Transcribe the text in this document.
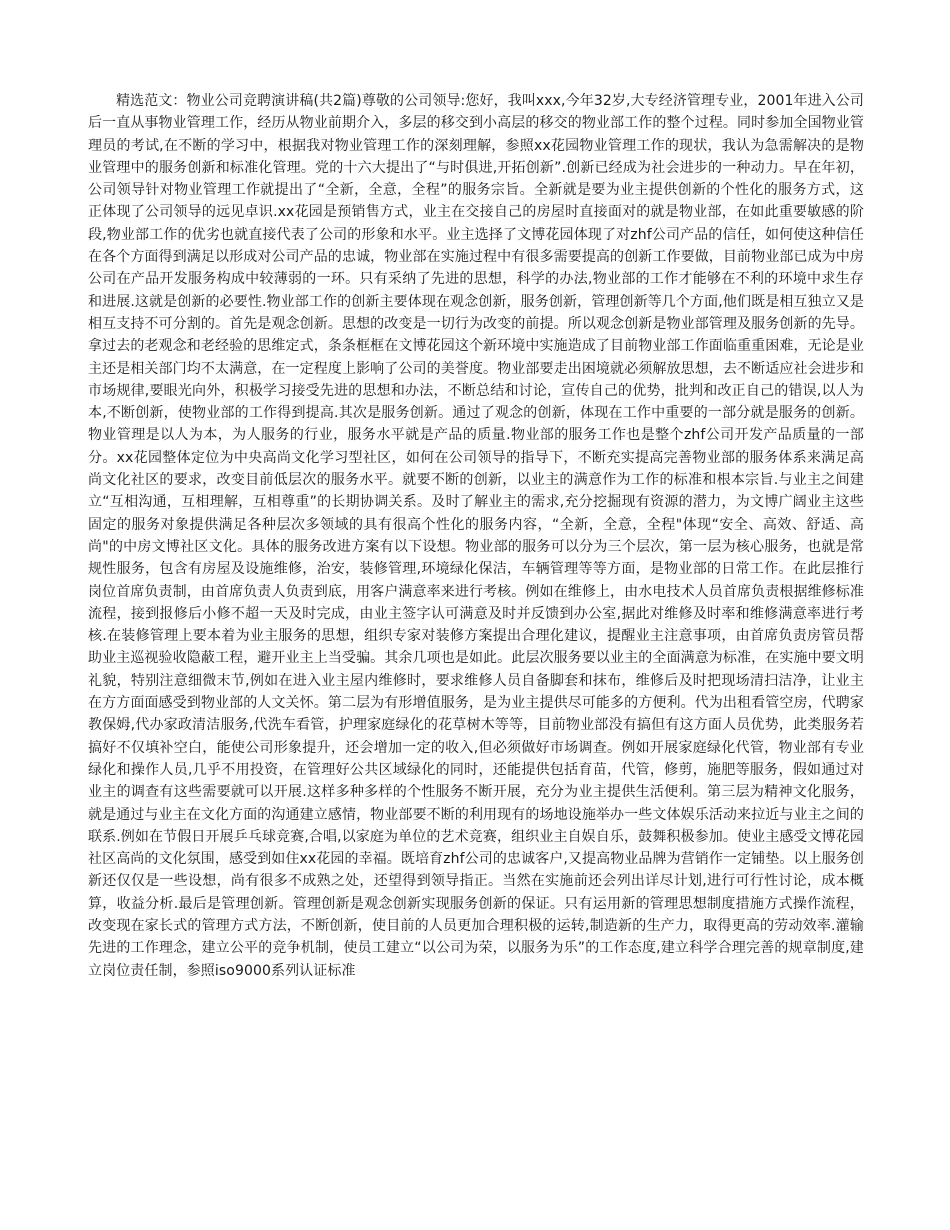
精选范文：物业公司竞聘演讲稿(共2篇)尊敬的公司领导:您好，我叫xxx,今年32岁,大专经济管理专业，2001年进入公司后一直从事物业管理工作，经历从物业前期介入，多层的移交到小高层的移交的物业部工作的整个过程。同时参加全国物业管理员的考试,在不断的学习中，根据我对物业管理工作的深刻理解，参照xx花园物业管理工作的现状，我认为急需解决的是物业管理中的服务创新和标准化管理。党的十六大提出了“与时俱进,开拓创新”.创新已经成为社会进步的一种动力。早在年初，公司领导针对物业管理工作就提出了“全新，全意，全程”的服务宗旨。全新就是要为业主提供创新的个性化的服务方式，这正体现了公司领导的远见卓识.xx花园是预销售方式，业主在交接自己的房屋时直接面对的就是物业部，在如此重要敏感的阶段,物业部工作的优劣也就直接代表了公司的形象和水平。业主选择了文博花园体现了对zhf公司产品的信任，如何使这种信任在各个方面得到满足以形成对公司产品的忠诚，物业部在实施过程中有很多需要提高的创新工作要做，目前物业部已成为中房公司在产品开发服务构成中较薄弱的一环。只有采纳了先进的思想，科学的办法,物业部的工作才能够在不利的环境中求生存和进展.这就是创新的必要性.物业部工作的创新主要体现在观念创新，服务创新，管理创新等几个方面,他们既是相互独立又是相互支持不可分割的。首先是观念创新。思想的改变是一切行为改变的前提。所以观念创新是物业部管理及服务创新的先导。拿过去的老观念和老经验的思维定式，条条框框在文博花园这个新环境中实施造成了目前物业部工作面临重重困难，无论是业主还是相关部门均不太满意，在一定程度上影响了公司的美誉度。物业部要走出困境就必须解放思想，去不断适应社会进步和市场规律,要眼光向外，积极学习接受先进的思想和办法，不断总结和讨论，宣传自己的优势，批判和改正自己的错误,以人为本,不断创新，使物业部的工作得到提高.其次是服务创新。通过了观念的创新，体现在工作中重要的一部分就是服务的创新。物业管理是以人为本，为人服务的行业，服务水平就是产品的质量.物业部的服务工作也是整个zhf公司开发产品质量的一部分。xx花园整体定位为中央高尚文化学习型社区，如何在公司领导的指导下，不断充实提高完善物业部的服务体系来满足高尚文化社区的要求，改变目前低层次的服务水平。就要不断的创新，以业主的满意作为工作的标准和根本宗旨.与业主之间建立“互相沟通，互相理解，互相尊重”的长期协调关系。及时了解业主的需求,充分挖掘现有资源的潜力，为文博广阔业主这些固定的服务对象提供满足各种层次多领域的具有很高个性化的服务内容，“全新，全意，全程"体现“安全、高效、舒适、高尚"的中房文博社区文化。具体的服务改进方案有以下设想。物业部的服务可以分为三个层次，第一层为核心服务，也就是常规性服务，包含有房屋及设施维修，治安，装修管理,环境绿化保洁，车辆管理等等方面，是物业部的日常工作。在此层推行岗位首席负责制，由首席负责人负责到底，用客户满意率来进行考核。例如在维修上，由水电技术人员首席负责根据维修标准流程，接到报修后小修不超一天及时完成，由业主签字认可满意及时并反馈到办公室,据此对维修及时率和维修满意率进行考核.在装修管理上要本着为业主服务的思想，组织专家对装修方案提出合理化建议，提醒业主注意事项，由首席负责房管员帮助业主巡视验收隐蔽工程，避开业主上当受骗。其余几项也是如此。此层次服务要以业主的全面满意为标准，在实施中要文明礼貌，特别注意细微末节,例如在进入业主屋内维修时，要求维修人员自备脚套和抹布，维修后及时把现场清扫洁净，让业主在方方面面感受到物业部的人文关怀。第二层为有形增值服务，是为业主提供尽可能多的方便利。代为出租看管空房，代聘家教保姆,代办家政清洁服务,代洗车看管，护理家庭绿化的花草树木等等，目前物业部没有搞但有这方面人员优势，此类服务若搞好不仅填补空白，能使公司形象提升，还会增加一定的收入,但必须做好市场调查。例如开展家庭绿化代管，物业部有专业绿化和操作人员,几乎不用投资，在管理好公共区域绿化的同时，还能提供包括育苗，代管，修剪，施肥等服务，假如通过对业主的调查有这些需要就可以开展.这样多种多样的个性服务不断开展，充分为业主提供生活便利。第三层为精神文化服务，就是通过与业主在文化方面的沟通建立感情，物业部要不断的利用现有的场地设施举办一些文体娱乐活动来拉近与业主之间的联系.例如在节假日开展乒乓球竞赛,合唱,以家庭为单位的艺术竞赛，组织业主自娱自乐，鼓舞积极参加。使业主感受文博花园社区高尚的文化氛围，感受到如住xx花园的幸福。既培育zhf公司的忠诚客户,又提高物业品牌为营销作一定铺垫。以上服务创新还仅仅是一些设想，尚有很多不成熟之处，还望得到领导指正。当然在实施前还会列出详尽计划,进行可行性讨论，成本概算，收益分析.最后是管理创新。管理创新是观念创新实现服务创新的保证。只有运用新的管理思想制度措施方式操作流程，改变现在家长式的管理方式方法，不断创新，使目前的人员更加合理积极的运转,制造新的生产力，取得更高的劳动效率.灌输先进的工作理念，建立公平的竞争机制，使员工建立“以公司为荣，以服务为乐”的工作态度,建立科学合理完善的规章制度,建立岗位责任制，参照iso9000系列认证标准
